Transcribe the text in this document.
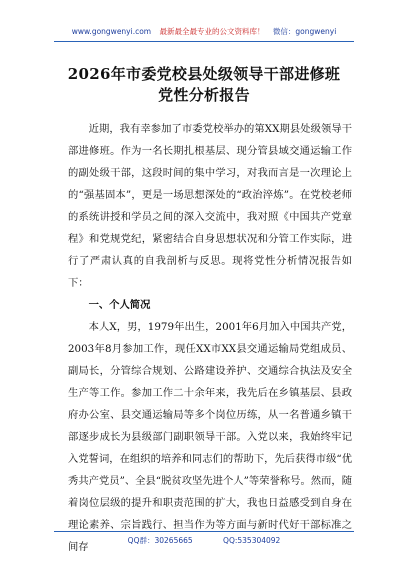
www.gongwenyi.com 最新最全最专业的公文资料库！ 微信：gongwenyi
2026年市委党校县处级领导干部进修班
党性分析报告

近期，我有幸参加了市委党校举办的第XX期县处级领导干部进修班。作为一名长期扎根基层、现分管县域交通运输工作的副处级干部，这段时间的集中学习，对我而言是一次理论上的“强基固本”，更是一场思想深处的“政治淬炼”。在党校老师的系统讲授和学员之间的深入交流中，我对照《中国共产党章程》和党规党纪，紧密结合自身思想状况和分管工作实际，进行了严肃认真的自我剖析与反思。现将党性分析情况报告如下：

一、个人简况

本人X，男，1979年出生，2001年6月加入中国共产党，2003年8月参加工作，现任XX市XX县交通运输局党组成员、副局长，分管综合规划、公路建设养护、交通综合执法及安全生产等工作。参加工作二十余年来，我先后在乡镇基层、县政府办公室、县交通运输局等多个岗位历练，从一名普通乡镇干部逐步成长为县级部门副职领导干部。入党以来，我始终牢记入党誓词，在组织的培养和同志们的帮助下，先后获得市级“优秀共产党员”、全县“脱贫攻坚先进个人”等荣誉称号。然而，随着岗位层级的提升和职责范围的扩大，我也日益感受到自身在理论素养、宗旨践行、担当作为等方面与新时代好干部标准之间存

QQ群：30265665	QQ:535304092
